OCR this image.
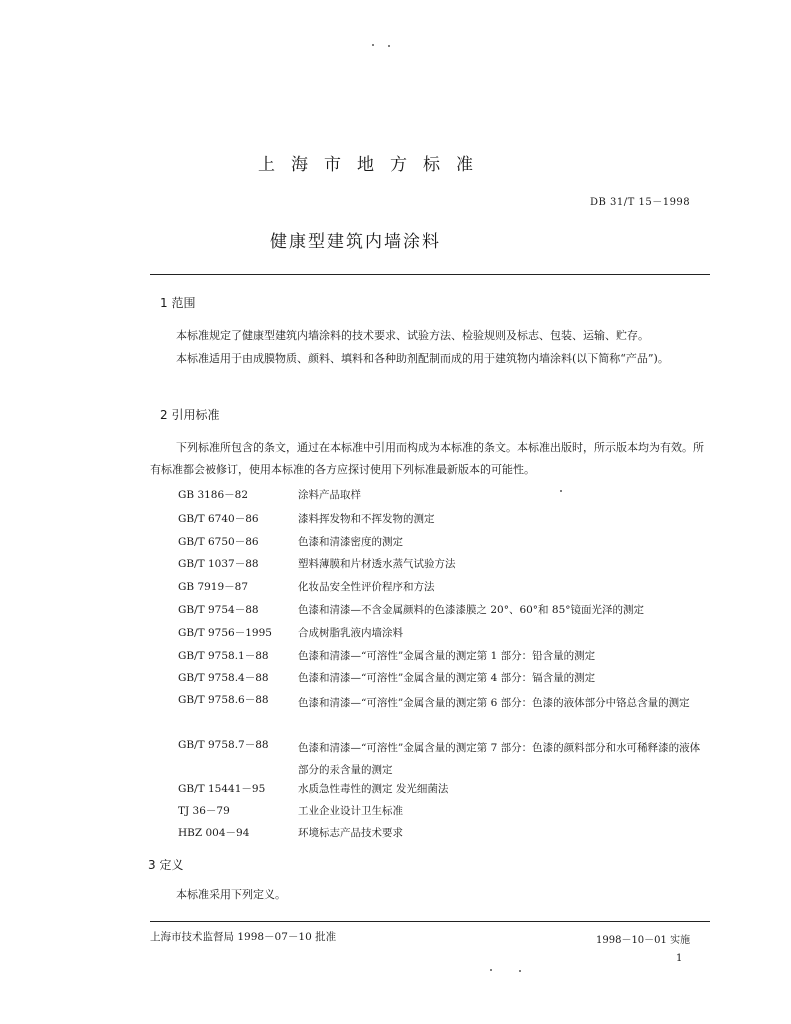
上海市地方标准
DB 31/T 15－1998
健康型建筑内墙涂料
1 范围
本标准规定了健康型建筑内墙涂料的技术要求、试验方法、检验规则及标志、包装、运输、贮存。
本标准适用于由成膜物质、颜料、填料和各种助剂配制而成的用于建筑物内墙涂料(以下简称“产品”)。
2 引用标准
下列标准所包含的条文，通过在本标准中引用而构成为本标准的条文。本标准出版时，所示版本均为有效。所有标准都会被修订，使用本标准的各方应探讨使用下列标准最新版本的可能性。
GB 3186－82	涂料产品取样
GB/T 6740－86	漆料挥发物和不挥发物的测定
GB/T 6750－86	色漆和清漆密度的测定
GB/T 1037－88	塑料薄膜和片材透水蒸气试验方法
GB 7919－87	化妆品安全性评价程序和方法
GB/T 9754－88	色漆和清漆—不含金属颜料的色漆漆膜之 20°、60°和 85°镜面光泽的测定
GB/T 9756－1995 合成树脂乳液内墙涂料
GB/T 9758.1－88	色漆和清漆—“可溶性”金属含量的测定第 1 部分：铅含量的测定
GB/T 9758.4－88	色漆和清漆—“可溶性”金属含量的测定第 4 部分：镉含量的测定
GB/T 9758.6－88	色漆和清漆—“可溶性”金属含量的测定第 6 部分：色漆的液体部分中铬总含量的测定
GB/T 9758.7－88	色漆和清漆—“可溶性”金属含量的测定第 7 部分：色漆的颜料部分和水可稀释漆的液体部分的汞含量的测定
GB/T 15441－95	水质急性毒性的测定 发光细菌法
TJ 36－79	工业企业设计卫生标准
HBZ 004－94	环境标志产品技术要求
3 定义
本标准采用下列定义。
上海市技术监督局 1998－07－10 批准	1998－10－01 实施
1
